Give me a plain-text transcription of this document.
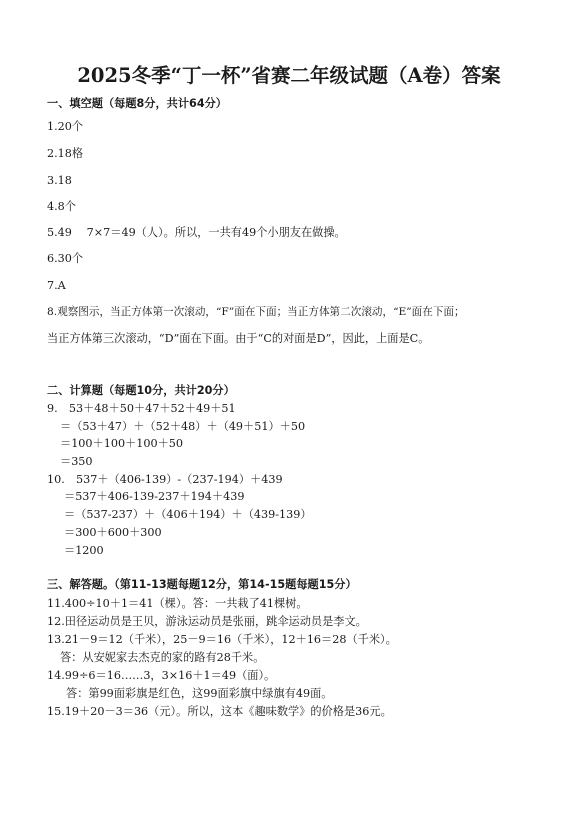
2025冬季“丁一杯”省赛二年级试题（A卷）答案
一、填空题（每题8分，共计64分）
1.20个
2.18格
3.18
4.8个
5.49　 7×7＝49（人）。所以，一共有49个小朋友在做操。
6.30个
7.A
8.观察图示，当正方体第一次滚动，“F”面在下面；当正方体第二次滚动，“E”面在下面；
当正方体第三次滚动，“D”面在下面。由于“C的对面是D”，因此，上面是C。
二、计算题（每题10分，共计20分）
9.　53＋48＋50＋47＋52＋49＋51
＝（53＋47）＋（52＋48）＋（49＋51）＋50
＝100＋100＋100＋50
＝350
10.　537＋（406-139）-（237-194）＋439
＝537＋406-139-237＋194＋439
＝（537-237）＋（406＋194）＋（439-139）
＝300＋600＋300
＝1200
三、解答题。（第11-13题每题12分，第14-15题每题15分）
11.400÷10＋1＝41（棵）。答：一共栽了41棵树。
12.田径运动员是王贝，游泳运动员是张丽，跳伞运动员是李文。
13.21－9＝12（千米），25－9＝16（千米），12＋16＝28（千米）。
答：从安妮家去杰克的家的路有28千米。
14.99÷6＝16……3，3×16＋1＝49（面）。
答：第99面彩旗是红色，这99面彩旗中绿旗有49面。
15.19＋20－3＝36（元）。所以，这本《趣味数学》的价格是36元。
